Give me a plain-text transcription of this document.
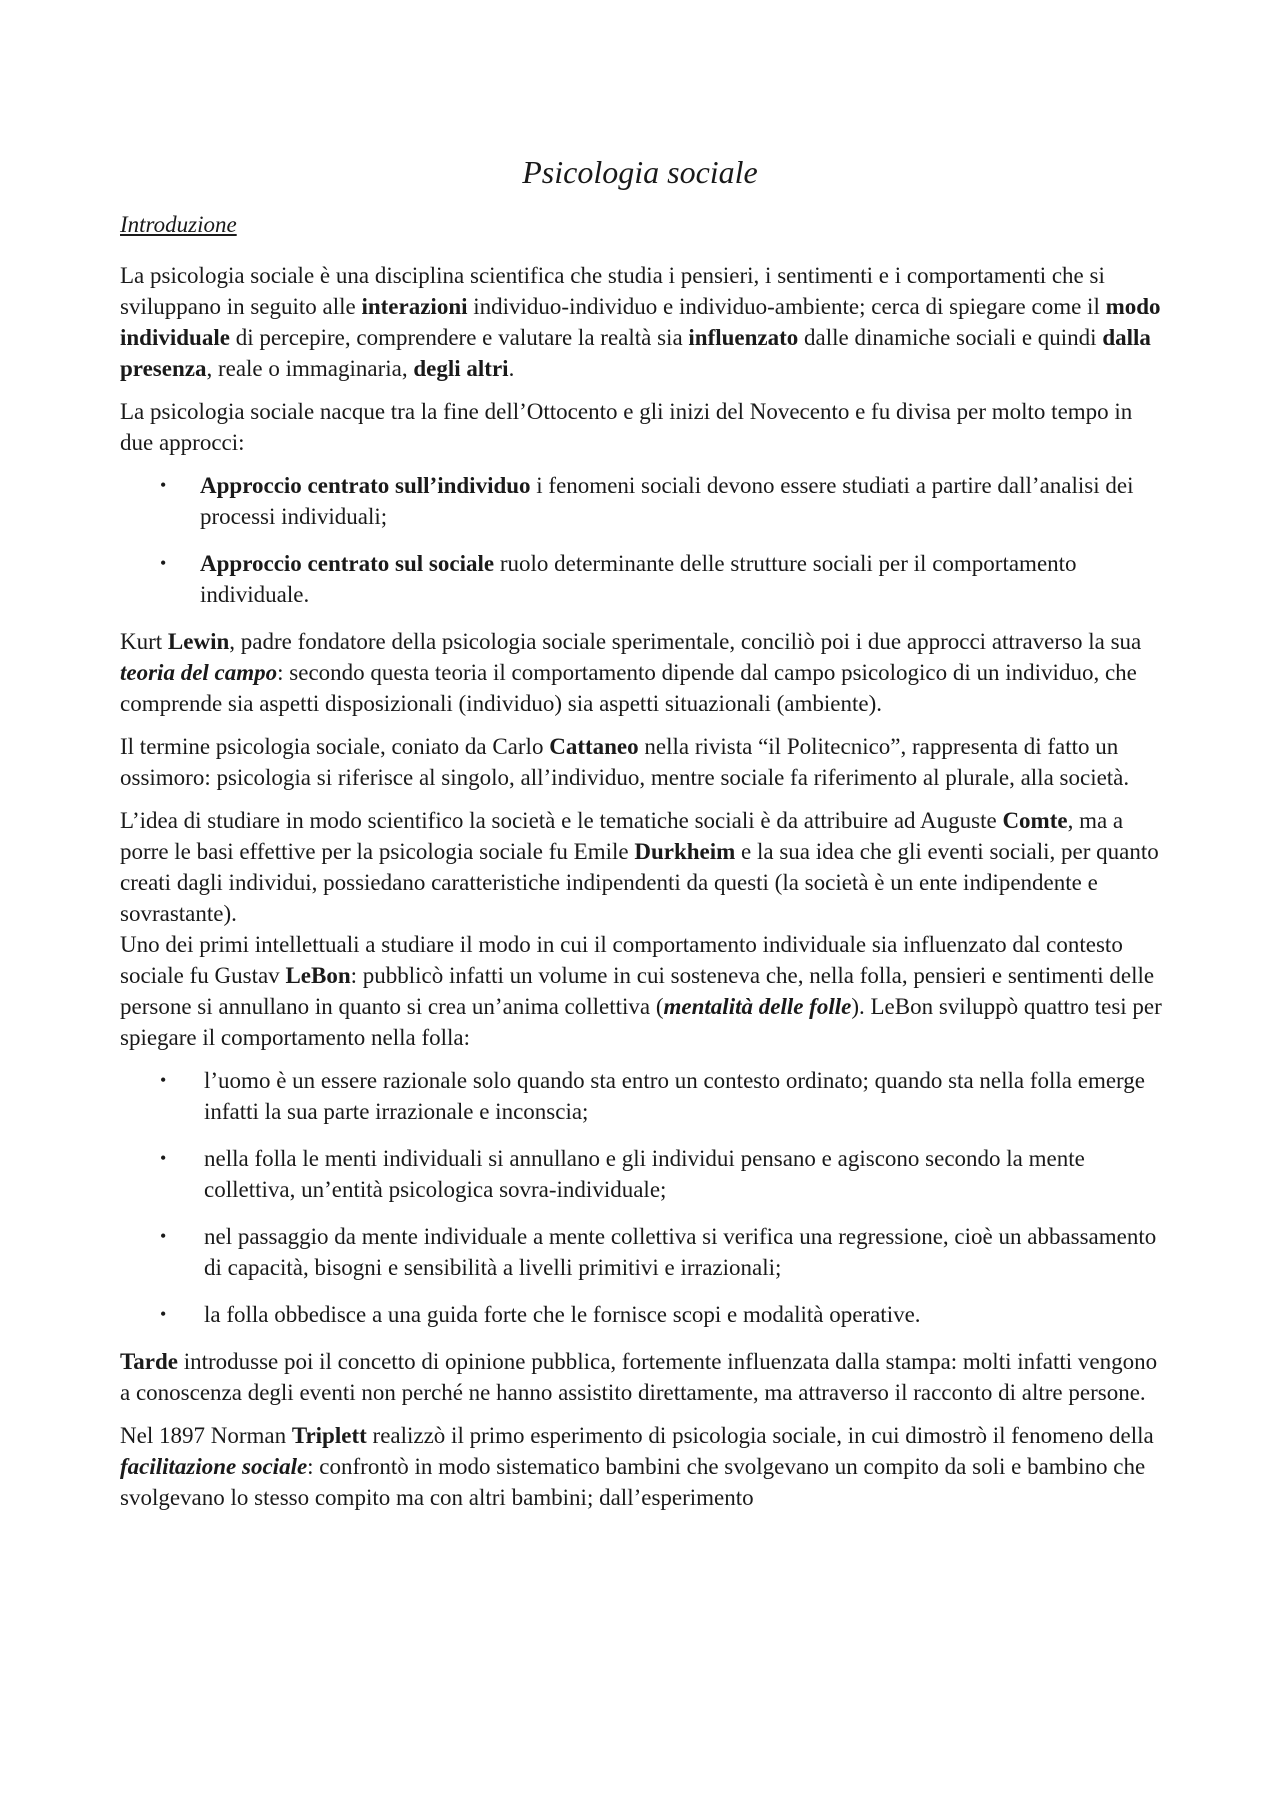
Psicologia sociale
Introduzione

La psicologia sociale è una disciplina scientifica che studia i pensieri, i sentimenti e i comportamenti che si sviluppano in seguito alle interazioni individuo-individuo e individuo-ambiente; cerca di spiegare come il modo individuale di percepire, comprendere e valutare la realtà sia influenzato dalle dinamiche sociali e quindi dalla presenza, reale o immaginaria, degli altri.

La psicologia sociale nacque tra la fine dell’Ottocento e gli inizi del Novecento e fu divisa per molto tempo in due approcci:

• Approccio centrato sull’individuo i fenomeni sociali devono essere studiati a partire dall’analisi dei processi individuali;
• Approccio centrato sul sociale ruolo determinante delle strutture sociali per il comportamento individuale.

Kurt Lewin, padre fondatore della psicologia sociale sperimentale, conciliò poi i due approcci attraverso la sua teoria del campo: secondo questa teoria il comportamento dipende dal campo psicologico di un individuo, che comprende sia aspetti disposizionali (individuo) sia aspetti situazionali (ambiente).

Il termine psicologia sociale, coniato da Carlo Cattaneo nella rivista “il Politecnico”, rappresenta di fatto un ossimoro: psicologia si riferisce al singolo, all’individuo, mentre sociale fa riferimento al plurale, alla società.

L’idea di studiare in modo scientifico la società e le tematiche sociali è da attribuire ad Auguste Comte, ma a porre le basi effettive per la psicologia sociale fu Emile Durkheim e la sua idea che gli eventi sociali, per quanto creati dagli individui, possiedano caratteristiche indipendenti da questi (la società è un ente indipendente e sovrastante).

Uno dei primi intellettuali a studiare il modo in cui il comportamento individuale sia influenzato dal contesto sociale fu Gustav LeBon: pubblicò infatti un volume in cui sosteneva che, nella folla, pensieri e sentimenti delle persone si annullano in quanto si crea un’anima collettiva (mentalità delle folle). LeBon sviluppò quattro tesi per spiegare il comportamento nella folla:

• l’uomo è un essere razionale solo quando sta entro un contesto ordinato; quando sta nella folla emerge infatti la sua parte irrazionale e inconscia;
• nella folla le menti individuali si annullano e gli individui pensano e agiscono secondo la mente collettiva, un’entità psicologica sovra-individuale;
• nel passaggio da mente individuale a mente collettiva si verifica una regressione, cioè un abbassamento di capacità, bisogni e sensibilità a livelli primitivi e irrazionali;
• la folla obbedisce a una guida forte che le fornisce scopi e modalità operative.

Tarde introdusse poi il concetto di opinione pubblica, fortemente influenzata dalla stampa: molti infatti vengono a conoscenza degli eventi non perché ne hanno assistito direttamente, ma attraverso il racconto di altre persone.

Nel 1897 Norman Triplett realizzò il primo esperimento di psicologia sociale, in cui dimostrò il fenomeno della facilitazione sociale: confrontò in modo sistematico bambini che svolgevano un compito da soli e bambino che svolgevano lo stesso compito ma con altri bambini; dall’esperimento
